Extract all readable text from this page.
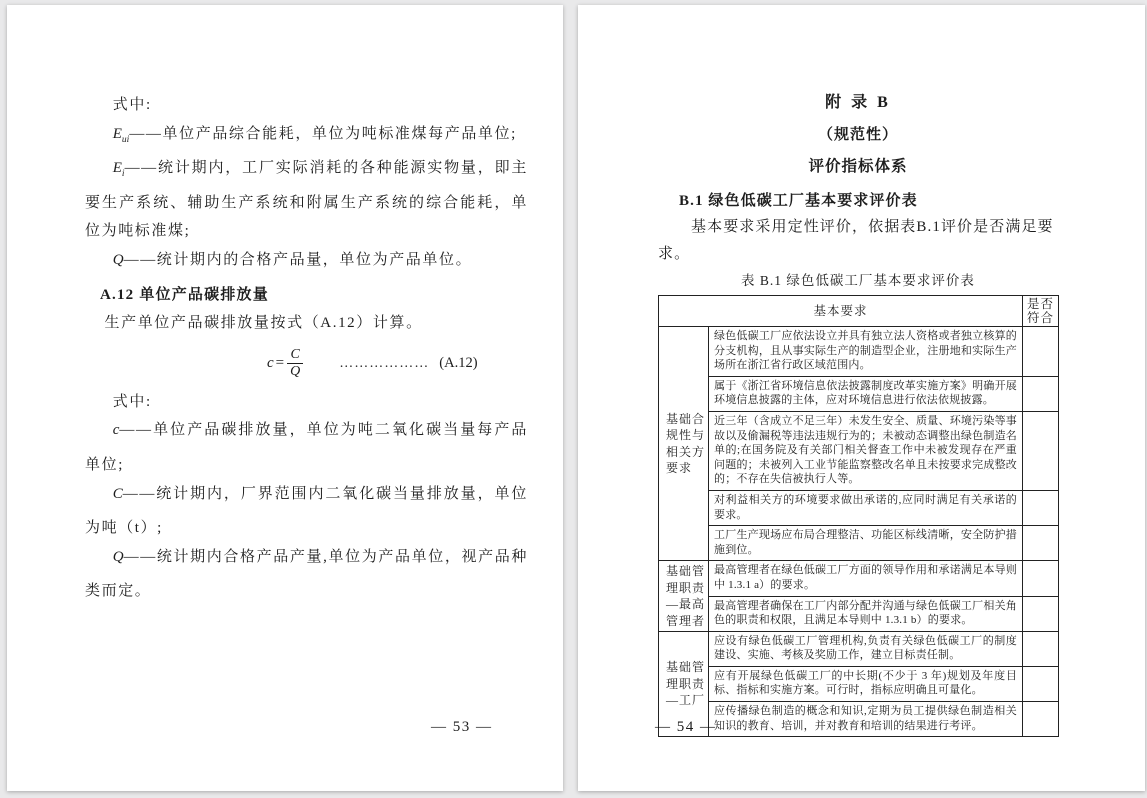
式中:

$E_{ui}——$单位产品综合能耗，单位为吨标准煤每产品单位;

$E_i——$统计期内，工厂实际消耗的各种能源实物量，即主要生产系统、辅助生产系统和附属生产系统的综合能耗，单位为吨标准煤;

Q——统计期内的合格产品量，单位为产品单位。

A.12 单位产品碳排放量

生产单位产品碳排放量按式（A.12）计算。

$c = \frac{C}{Q}$	……………… (A.12)

式中:

c——单位产品碳排放量，单位为吨二氧化碳当量每产品单位;

C——统计期内，厂界范围内二氧化碳当量排放量，单位为吨（t）;

Q——统计期内合格产品产量,单位为产品单位，视产品种类而定。

— 53 —

附 录 B

（规范性）

评价指标体系

B.1 绿色低碳工厂基本要求评价表

基本要求采用定性评价，依据表B.1评价是否满足要求。

表 B.1 绿色低碳工厂基本要求评价表

基本要求		是否符合
基础合规性与相关方要求	绿色低碳工厂应依法设立并具有独立法人资格或者独立核算的分支机构，且从事实际生产的制造型企业，注册地和实际生产场所在浙江省行政区域范围内。	
	属于《浙江省环境信息依法披露制度改革实施方案》明确开展环境信息披露的主体，应对环境信息进行依法依规披露。	
	近三年（含成立不足三年）未发生安全、质量、环境污染等事故以及偷漏税等违法违规行为的；未被动态调整出绿色制造名单的;在国务院及有关部门相关督查工作中未被发现存在严重问题的；未被列入工业节能监察整改名单且未按要求完成整改的；不存在失信被执行人等。	
	对利益相关方的环境要求做出承诺的,应同时满足有关承诺的要求。	
	工厂生产现场应布局合理整洁、功能区标线清晰，安全防护措施到位。	
基础管理职责—最高管理者	最高管理者在绿色低碳工厂方面的领导作用和承诺满足本导则中 1.3.1 a）的要求。	
	最高管理者确保在工厂内部分配并沟通与绿色低碳工厂相关角色的职责和权限，且满足本导则中 1.3.1 b）的要求。	
基础管理职责—工厂	应设有绿色低碳工厂管理机构,负责有关绿色低碳工厂的制度建设、实施、考核及奖励工作，建立目标责任制。	
	应有开展绿色低碳工厂的中长期(不少于 3 年)规划及年度目标、指标和实施方案。可行时，指标应明确且可量化。	
	应传播绿色制造的概念和知识,定期为员工提供绿色制造相关知识的教育、培训，并对教育和培训的结果进行考评。	
— 54 —
